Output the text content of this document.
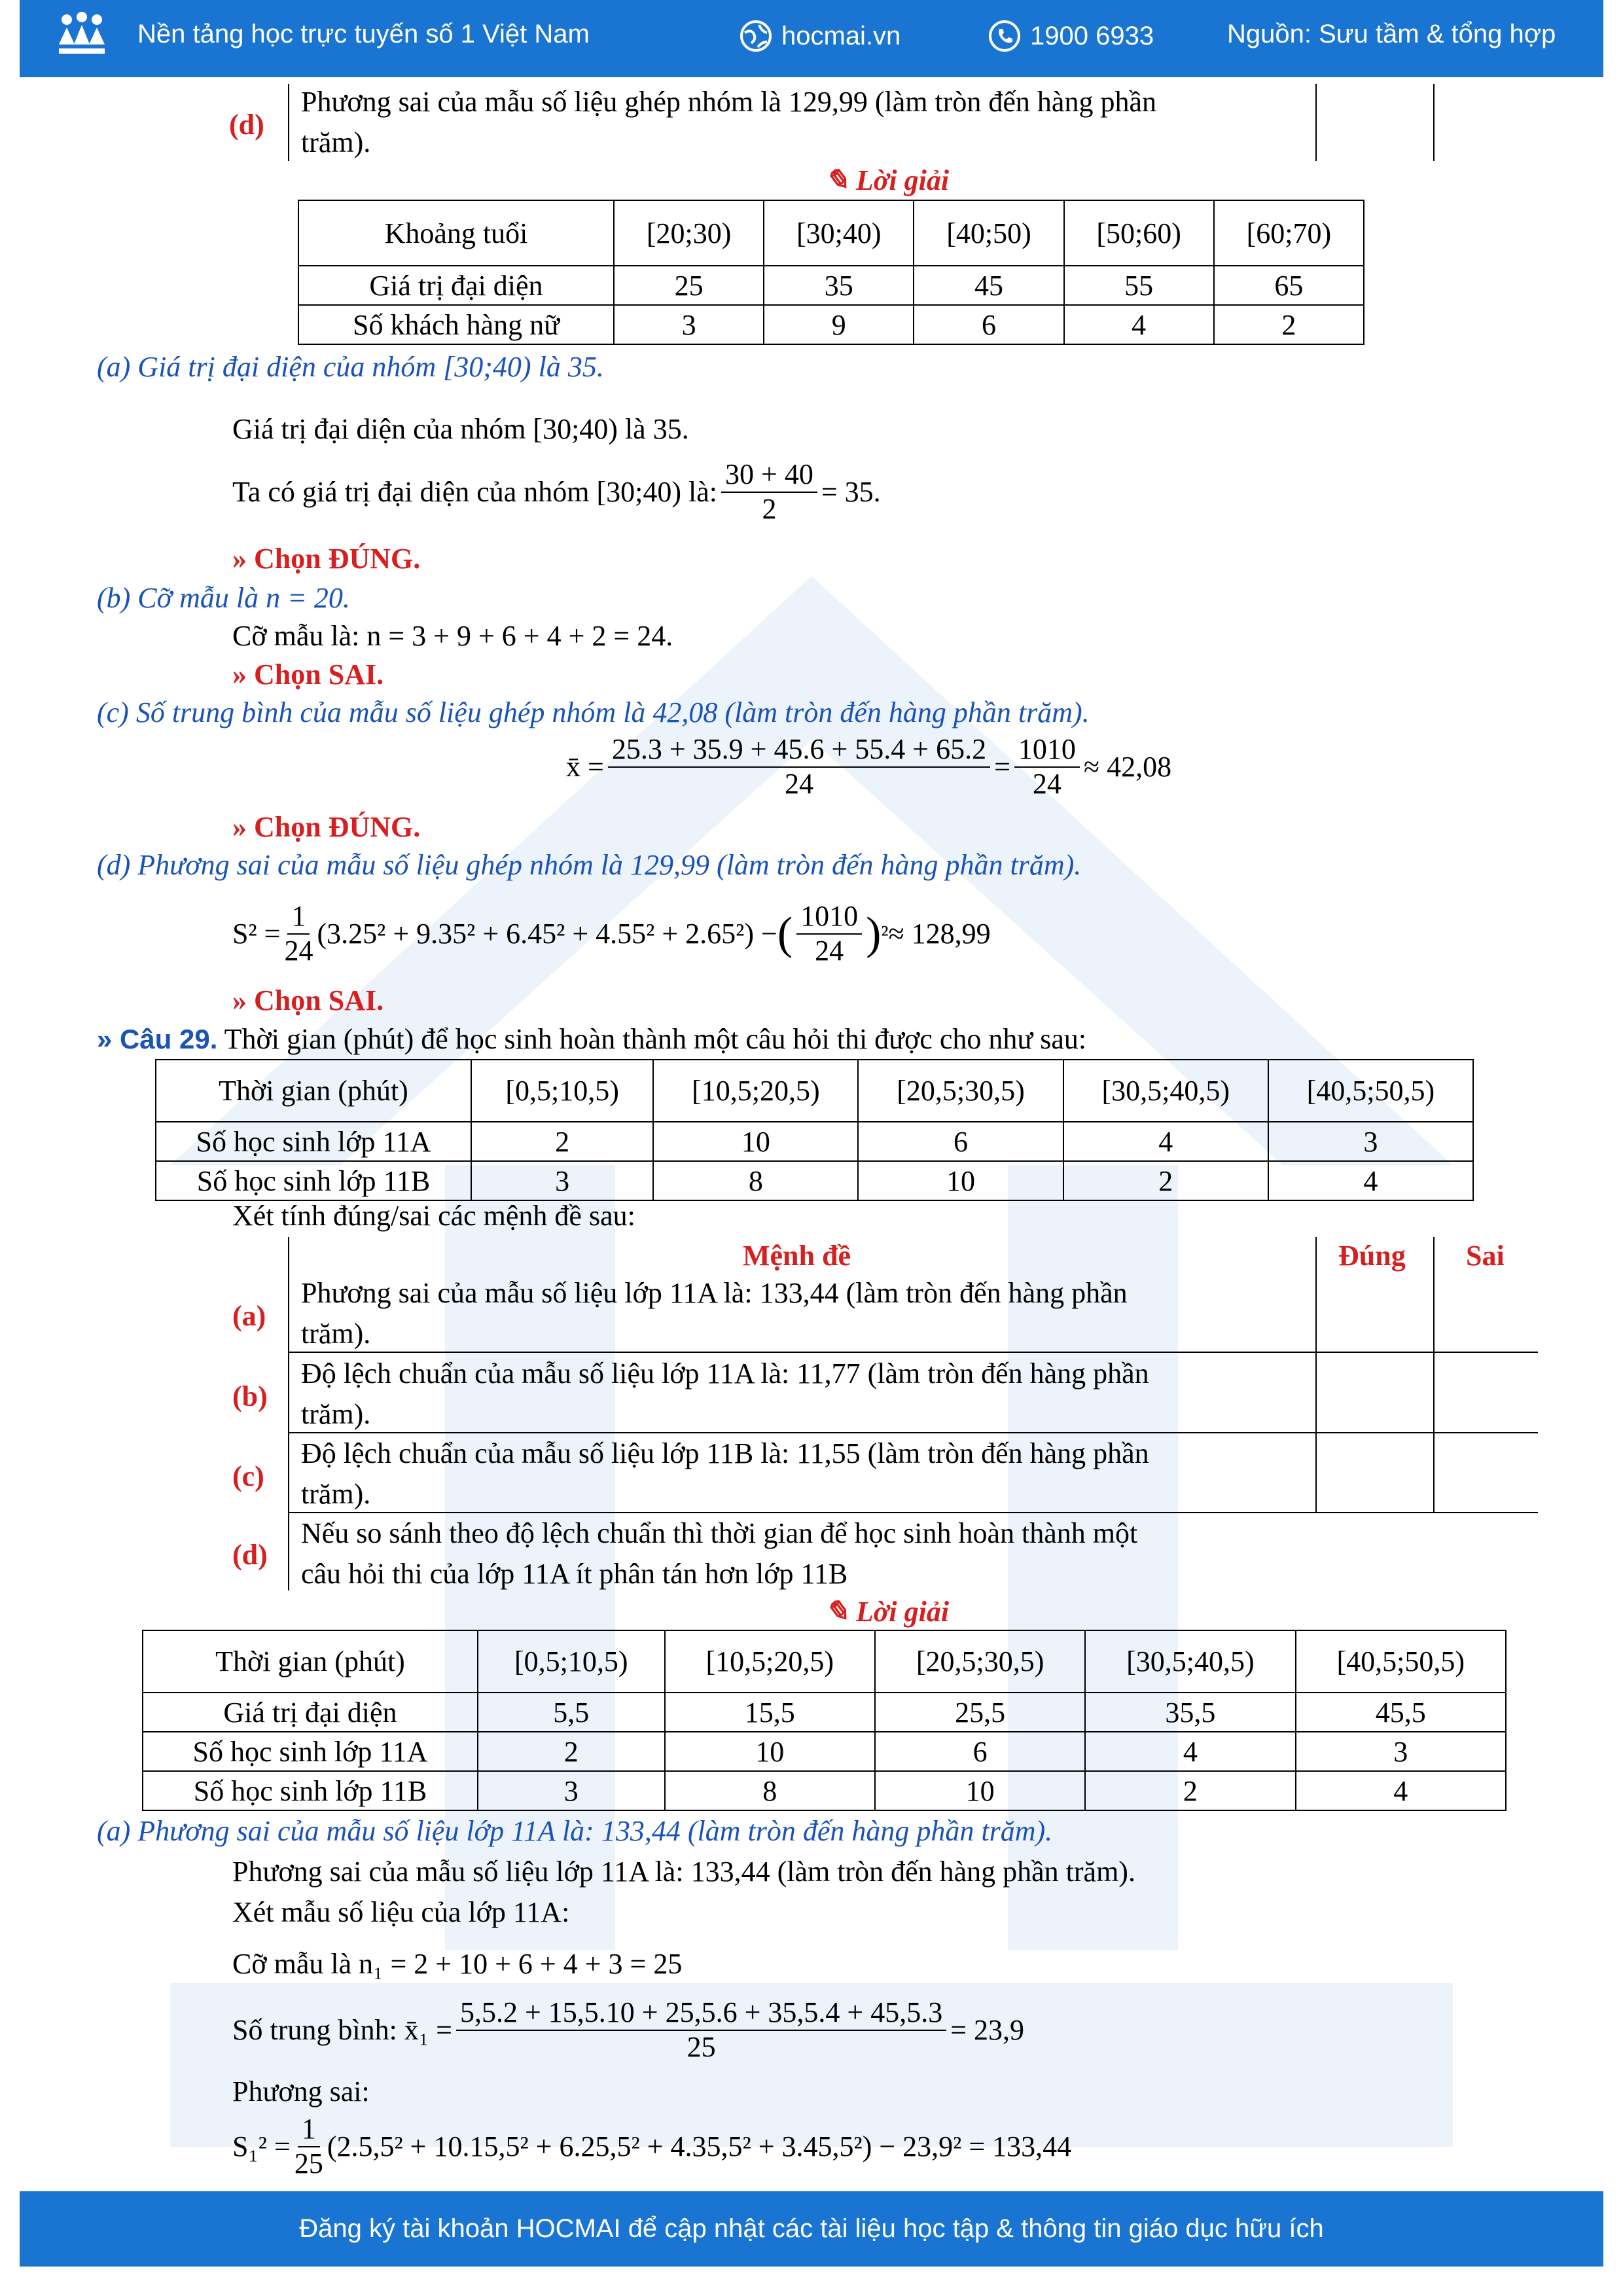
Nền tảng học trực tuyến số 1 Việt Nam	hocmai.vn	1900 6933	Nguồn: Sưu tầm & tổng hợp
(d)
Phương sai của mẫu số liệu ghép nhóm là 129,99 (làm tròn đến hàng phần
trăm).
✎ Lời giải
Khoảng tuổi	[20;30)	[30;40)	[40;50)	[50;60)	[60;70)
Giá trị đại diện	25	35	45	55	65
Số khách hàng nữ	3	9	6	4	2
(a) Giá trị đại diện của nhóm [30;40) là 35.
Giá trị đại diện của nhóm [30;40) là 35.
Ta có giá trị đại diện của nhóm [30;40) là: $\frac{30 + 40}{2} = 35$.
» Chọn ĐÚNG.
(b) Cỡ mẫu là n = 20.
Cỡ mẫu là: n = 3 + 9 + 6 + 4 + 2 = 24.
» Chọn SAI.
(c) Số trung bình của mẫu số liệu ghép nhóm là 42,08 (làm tròn đến hàng phần trăm).
x̄ = $\frac{25.3 + 35.9 + 45.6 + 55.4 + 65.2}{24} = \frac{1010}{24} \approx 42,08$
» Chọn ĐÚNG.
(d) Phương sai của mẫu số liệu ghép nhóm là 129,99 (làm tròn đến hàng phần trăm).
$S^2 = \frac{1}{24} (3.25^2 + 9.35^2 + 6.45^2 + 4.55^2 + 2.65^2)$ − ( $\frac{1010}{24}$ ) ² ≈ 128,99
» Chọn SAI.
» Câu 29. Thời gian (phút) để học sinh hoàn thành một câu hỏi thi được cho như sau:
Thời gian (phút)	[0,5;10,5)	[10,5;20,5)	[20,5;30,5)	[30,5;40,5)	[40,5;50,5)
Số học sinh lớp 11A	2	10	6	4	3
Số học sinh lớp 11B	3	8	10	2	4
Xét tính đúng/sai các mệnh đề sau:
Mệnh đề	Đúng Sai
(a)
Phương sai của mẫu số liệu lớp 11A là: 133,44 (làm tròn đến hàng phần
trăm).
(b)
Độ lệch chuẩn của mẫu số liệu lớp 11A là: 11,77 (làm tròn đến hàng phần
trăm).
(c)
Độ lệch chuẩn của mẫu số liệu lớp 11B là: 11,55 (làm tròn đến hàng phần
trăm).
(d)
Nếu so sánh theo độ lệch chuẩn thì thời gian để học sinh hoàn thành một
câu hỏi thi của lớp 11A ít phân tán hơn lớp 11B
✎ Lời giải
Thời gian (phút)	[0,5;10,5)	[10,5;20,5)	[20,5;30,5)	[30,5;40,5)	[40,5;50,5)
Giá trị đại diện	5,5	15,5	25,5	35,5	45,5
Số học sinh lớp 11A	2	10	6	4	3
Số học sinh lớp 11B	3	8	10	2	4
(a) Phương sai của mẫu số liệu lớp 11A là: 133,44 (làm tròn đến hàng phần trăm).
Phương sai của mẫu số liệu lớp 11A là: 133,44 (làm tròn đến hàng phần trăm).
Xét mẫu số liệu của lớp 11A:
Cỡ mẫu là n₁ = 2 + 10 + 6 + 4 + 3 = 25
Số trung bình: x̄₁ = $\frac{5,5.2 + 15,5.10 + 25,5.6 + 35,5.4 + 45,5.3}{25} = 23,9$
Phương sai:
$S_1^2 = \frac{1}{25} (2.5,5^2 + 10.15,5^2 + 6.25,5^2 + 4.35,5^2 + 3.45,5^2) - 23,9^2 = 133,44$
Đăng ký tài khoản HOCMAI để cập nhật các tài liệu học tập & thông tin giáo dục hữu ích
